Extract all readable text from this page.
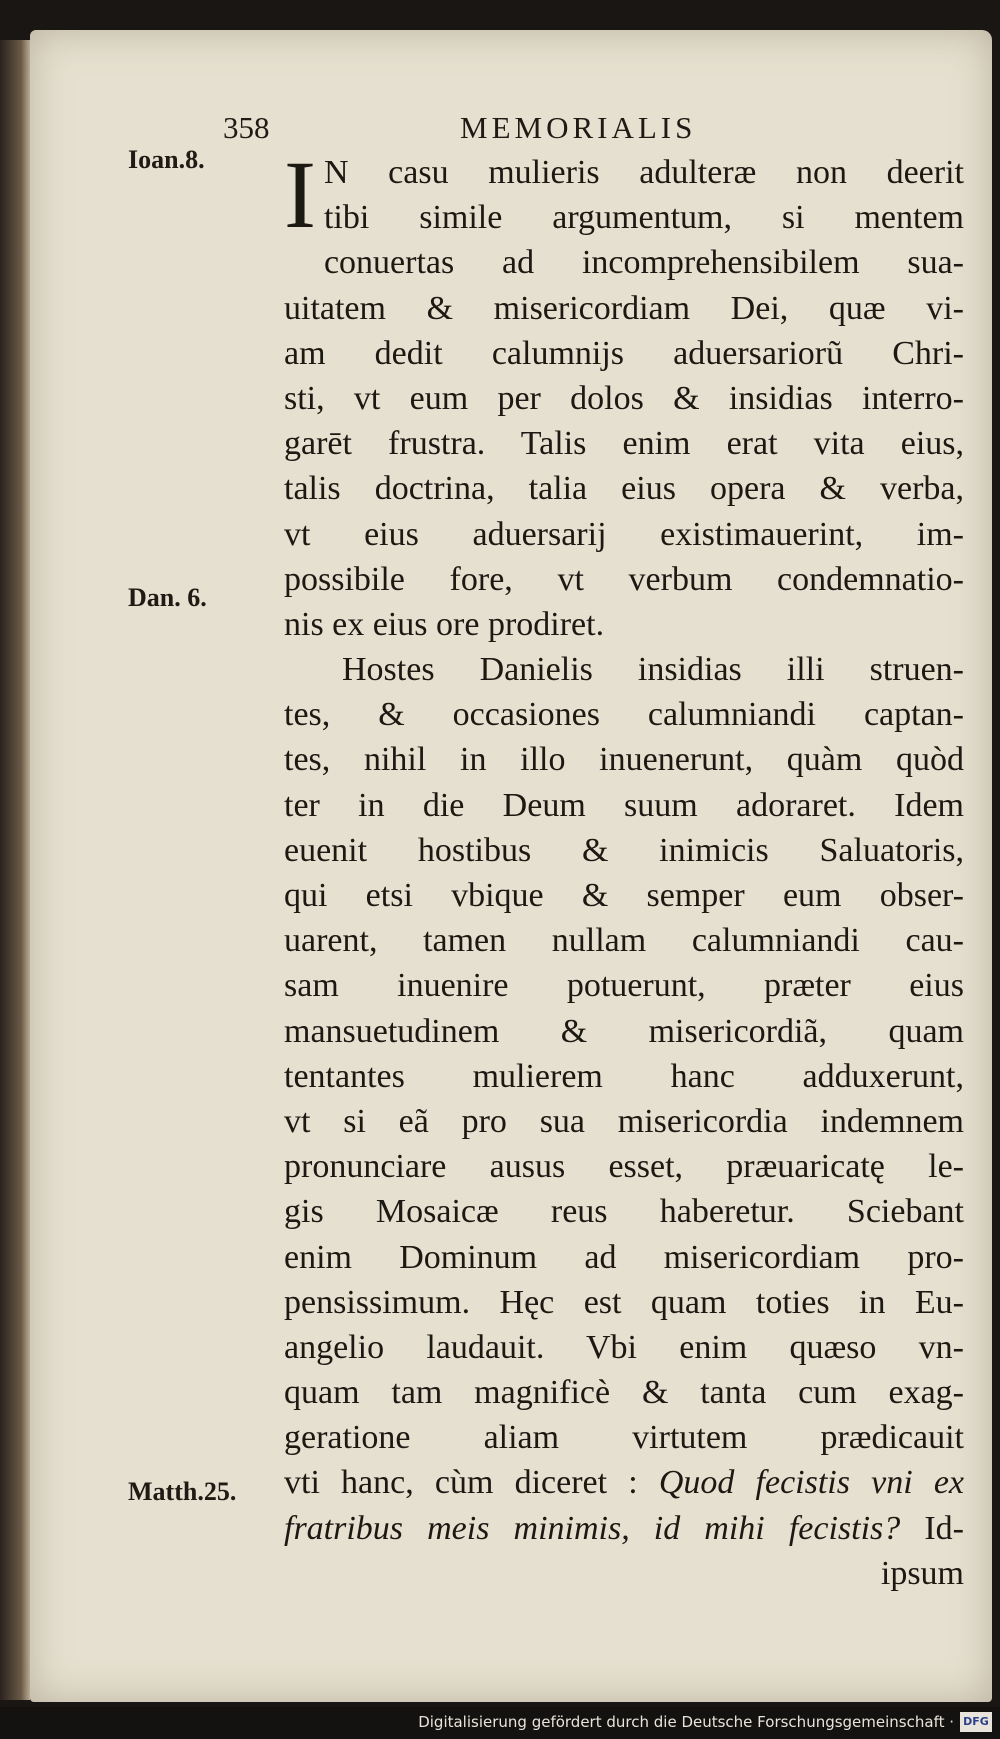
358	MEMORIALIS
Ioan.8.
Dan. 6.
Matth.25.
I N casu mulieris adulteræ non deerit
tibi simile argumentum, si mentem
conuertas ad incomprehensibilem sua-
uitatem & misericordiam Dei, quæ vi-
am dedit calumnijs aduersariorũ Chri-
sti, vt eum per dolos & insidias interro-
garēt frustra. Talis enim erat vita eius,
talis doctrina, talia eius opera & verba,
vt eius aduersarij existimauerint, im-
possibile fore, vt verbum condemnatio-
nis ex eius ore prodiret.
Hostes Danielis insidias illi struen-
tes, & occasiones calumniandi captan-
tes, nihil in illo inuenerunt, quàm quòd
ter in die Deum suum adoraret. Idem
euenit hostibus & inimicis Saluatoris,
qui etsi vbique & semper eum obser-
uarent, tamen nullam calumniandi cau-
sam inuenire potuerunt, præter eius
mansuetudinem & misericordiã, quam
tentantes mulierem hanc adduxerunt,
vt si eã pro sua misericordia indemnem
pronunciare ausus esset, præuaricatę le-
gis Mosaicæ reus haberetur. Sciebant
enim Dominum ad misericordiam pro-
pensissimum. Hęc est quam toties in Eu-
angelio laudauit. Vbi enim quæso vn-
quam tam magnificè & tanta cum exag-
geratione aliam virtutem prædicauit
vti hanc, cùm diceret : Quod fecistis vni ex
fratribus meis minimis, id mihi fecistis? Id-
ipsum
Digitalisierung gefördert durch die Deutsche Forschungsgemeinschaft · DFG
